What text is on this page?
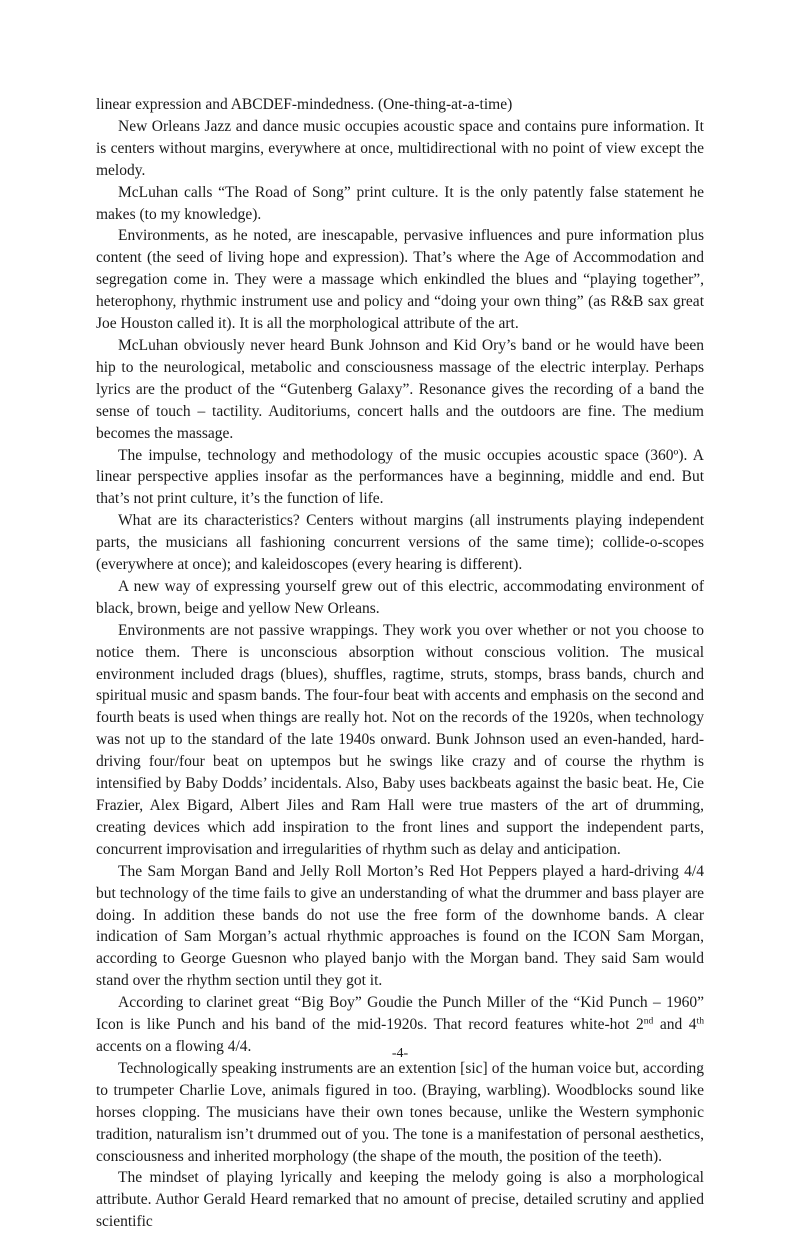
linear expression and ABCDEF-mindedness. (One-thing-at-a-time)

New Orleans Jazz and dance music occupies acoustic space and contains pure information. It is centers without margins, everywhere at once, multidirectional with no point of view except the melody.

McLuhan calls “The Road of Song” print culture. It is the only patently false statement he makes (to my knowledge).

Environments, as he noted, are inescapable, pervasive influences and pure information plus content (the seed of living hope and expression). That’s where the Age of Accommodation and segregation come in. They were a massage which enkindled the blues and “playing together”, heterophony, rhythmic instrument use and policy and “doing your own thing” (as R&B sax great Joe Houston called it). It is all the morphological attribute of the art.

McLuhan obviously never heard Bunk Johnson and Kid Ory’s band or he would have been hip to the neurological, metabolic and consciousness massage of the electric interplay. Perhaps lyrics are the product of the “Gutenberg Galaxy”. Resonance gives the recording of a band the sense of touch – tactility. Auditoriums, concert halls and the outdoors are fine. The medium becomes the massage.

The impulse, technology and methodology of the music occupies acoustic space (360º). A linear perspective applies insofar as the performances have a beginning, middle and end. But that’s not print culture, it’s the function of life.

What are its characteristics? Centers without margins (all instruments playing independent parts, the musicians all fashioning concurrent versions of the same time); collide-o-scopes (everywhere at once); and kaleidoscopes (every hearing is different).

A new way of expressing yourself grew out of this electric, accommodating environment of black, brown, beige and yellow New Orleans.

Environments are not passive wrappings. They work you over whether or not you choose to notice them. There is unconscious absorption without conscious volition. The musical environment included drags (blues), shuffles, ragtime, struts, stomps, brass bands, church and spiritual music and spasm bands. The four-four beat with accents and emphasis on the second and fourth beats is used when things are really hot. Not on the records of the 1920s, when technology was not up to the standard of the late 1940s onward. Bunk Johnson used an even-handed, hard-driving four/four beat on uptempos but he swings like crazy and of course the rhythm is intensified by Baby Dodds’ incidentals. Also, Baby uses backbeats against the basic beat. He, Cie Frazier, Alex Bigard, Albert Jiles and Ram Hall were true masters of the art of drumming, creating devices which add inspiration to the front lines and support the independent parts, concurrent improvisation and irregularities of rhythm such as delay and anticipation.

The Sam Morgan Band and Jelly Roll Morton’s Red Hot Peppers played a hard-driving 4/4 but technology of the time fails to give an understanding of what the drummer and bass player are doing. In addition these bands do not use the free form of the downhome bands. A clear indication of Sam Morgan’s actual rhythmic approaches is found on the ICON Sam Morgan, according to George Guesnon who played banjo with the Morgan band. They said Sam would stand over the rhythm section until they got it.

According to clarinet great “Big Boy” Goudie the Punch Miller of the “Kid Punch – 1960” Icon is like Punch and his band of the mid-1920s. That record features white-hot 2nd and 4th accents on a flowing 4/4.

Technologically speaking instruments are an extention [sic] of the human voice but, according to trumpeter Charlie Love, animals figured in too. (Braying, warbling). Woodblocks sound like horses clopping. The musicians have their own tones because, unlike the Western symphonic tradition, naturalism isn’t drummed out of you. The tone is a manifestation of personal aesthetics, consciousness and inherited morphology (the shape of the mouth, the position of the teeth).

The mindset of playing lyrically and keeping the melody going is also a morphological attribute. Author Gerald Heard remarked that no amount of precise, detailed scrutiny and applied scientific

-4-
